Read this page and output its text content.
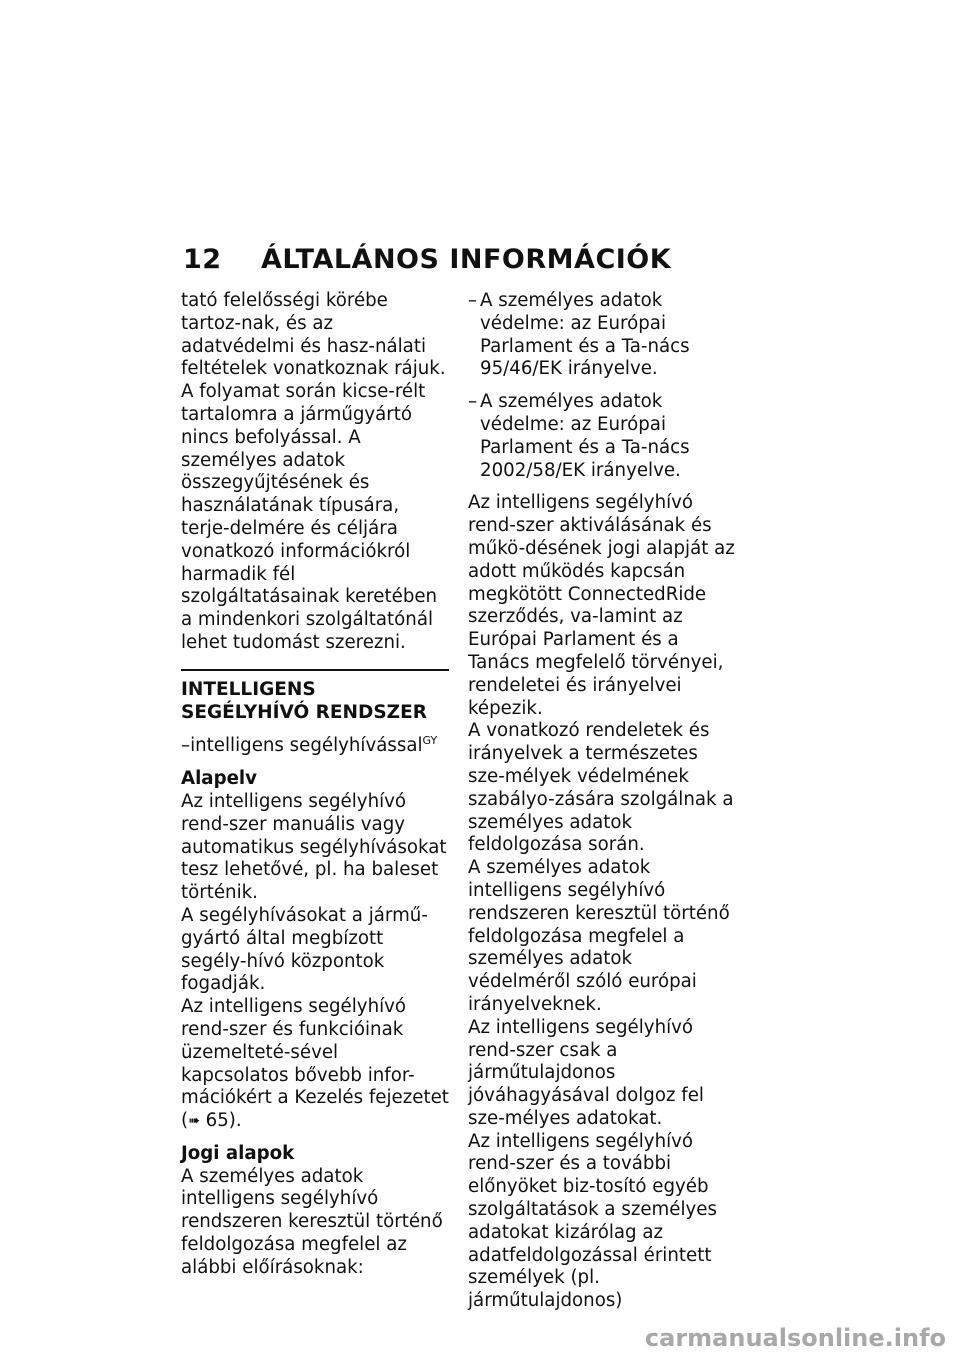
12 ÁLTALÁNOS INFORMÁCIÓK

tató felelősségi körébe tartoz-nak, és az adatvédelmi és hasz-nálati feltételek vonatkoznak rájuk. A folyamat során kicse-rélt tartalomra a járműgyártó nincs befolyással. A személyes adatok összegyűjtésének és használatának típusára, terje-delmére és céljára vonatkozó információkról harmadik fél szolgáltatásainak keretében a mindenkori szolgáltatónál lehet tudomást szerezni.

INTELLIGENS SEGÉLYHÍVÓ RENDSZER

–intelligens segélyhívással$^{GY}$

Alapelv

Az intelligens segélyhívó rend-szer manuális vagy automatikus segélyhívásokat tesz lehetővé, pl. ha baleset történik.

A segélyhívásokat a jármű-gyártó által megbízott segély-hívó központok fogadják.

Az intelligens segélyhívó rend-szer és funkcióinak üzemelteté-sével kapcsolatos bővebb infor-mációkért a Kezelés fejezetet

(➠ 65).

Jogi alapok

A személyes adatok intelligens segélyhívó rendszeren keresztül történő feldolgozása megfelel az alábbi előírásoknak:

– A személyes adatok védelme: az Európai Parlament és a Ta-nács 95/46/EK irányelve.
– A személyes adatok védelme: az Európai Parlament és a Ta-nács 2002/58/EK irányelve.

Az intelligens segélyhívó rend-szer aktiválásának és műkö-désének jogi alapját az adott működés kapcsán megkötött ConnectedRide szerződés, va-lamint az Európai Parlament és a Tanács megfelelő törvényei, rendeletei és irányelvei képezik.

A vonatkozó rendeletek és irányelvek a természetes sze-mélyek védelmének szabályo-zására szolgálnak a személyes adatok feldolgozása során.

A személyes adatok intelligens segélyhívó rendszeren keresztül történő feldolgozása megfelel a személyes adatok védelméről szóló európai irányelveknek.

Az intelligens segélyhívó rend-szer csak a járműtulajdonos jóváhagyásával dolgoz fel sze-mélyes adatokat.

Az intelligens segélyhívó rend-szer és a további előnyöket biz-tosító egyéb szolgáltatások a személyes adatokat kizárólag az adatfeldolgozással érintett személyek (pl. járműtulajdonos)

carmanualsonline.info
